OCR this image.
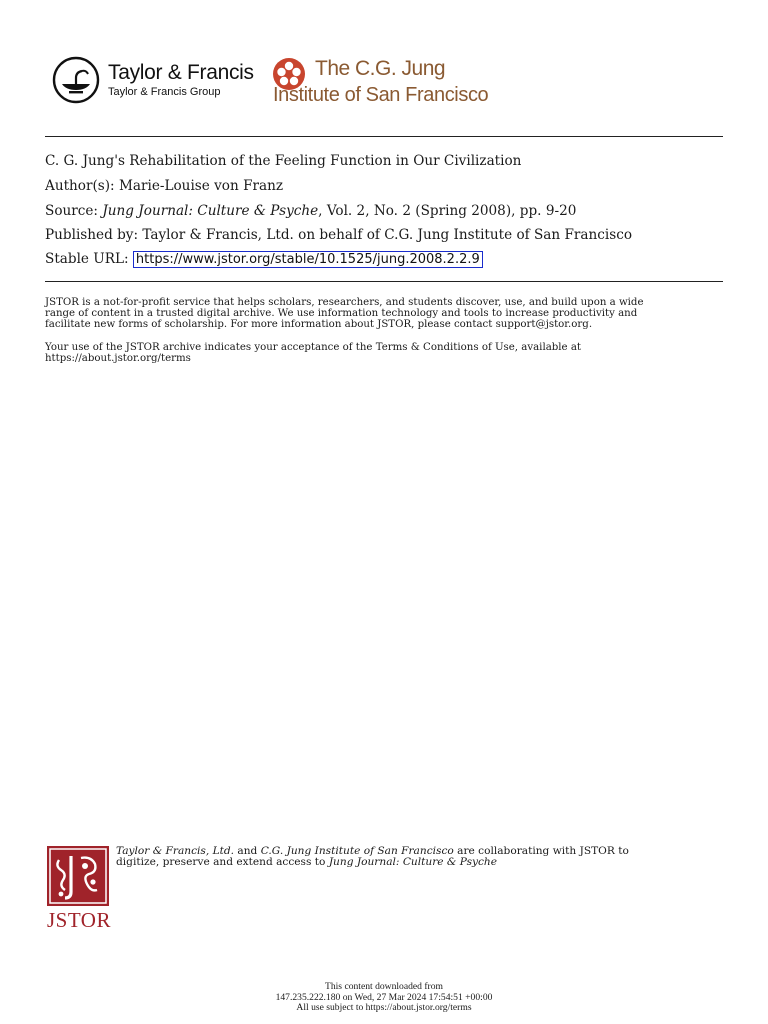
Taylor & Francis
Taylor & Francis Group
The C.G. Jung
Institute of San Francisco
C. G. Jung's Rehabilitation of the Feeling Function in Our Civilization
Author(s): Marie-Louise von Franz
Source: Jung Journal: Culture & Psyche, Vol. 2, No. 2 (Spring 2008), pp. 9-20
Published by: Taylor & Francis, Ltd. on behalf of C.G. Jung Institute of San Francisco
Stable URL: https://www.jstor.org/stable/10.1525/jung.2008.2.2.9
JSTOR is a not-for-profit service that helps scholars, researchers, and students discover, use, and build upon a wide
range of content in a trusted digital archive. We use information technology and tools to increase productivity and
facilitate new forms of scholarship. For more information about JSTOR, please contact support@jstor.org.
Your use of the JSTOR archive indicates your acceptance of the Terms & Conditions of Use, available at
https://about.jstor.org/terms
JSTOR
Taylor & Francis, Ltd. and C.G. Jung Institute of San Francisco are collaborating with JSTOR to
digitize, preserve and extend access to Jung Journal: Culture & Psyche
This content downloaded from
147.235.222.180 on Wed, 27 Mar 2024 17:54:51 +00:00
All use subject to https://about.jstor.org/terms
